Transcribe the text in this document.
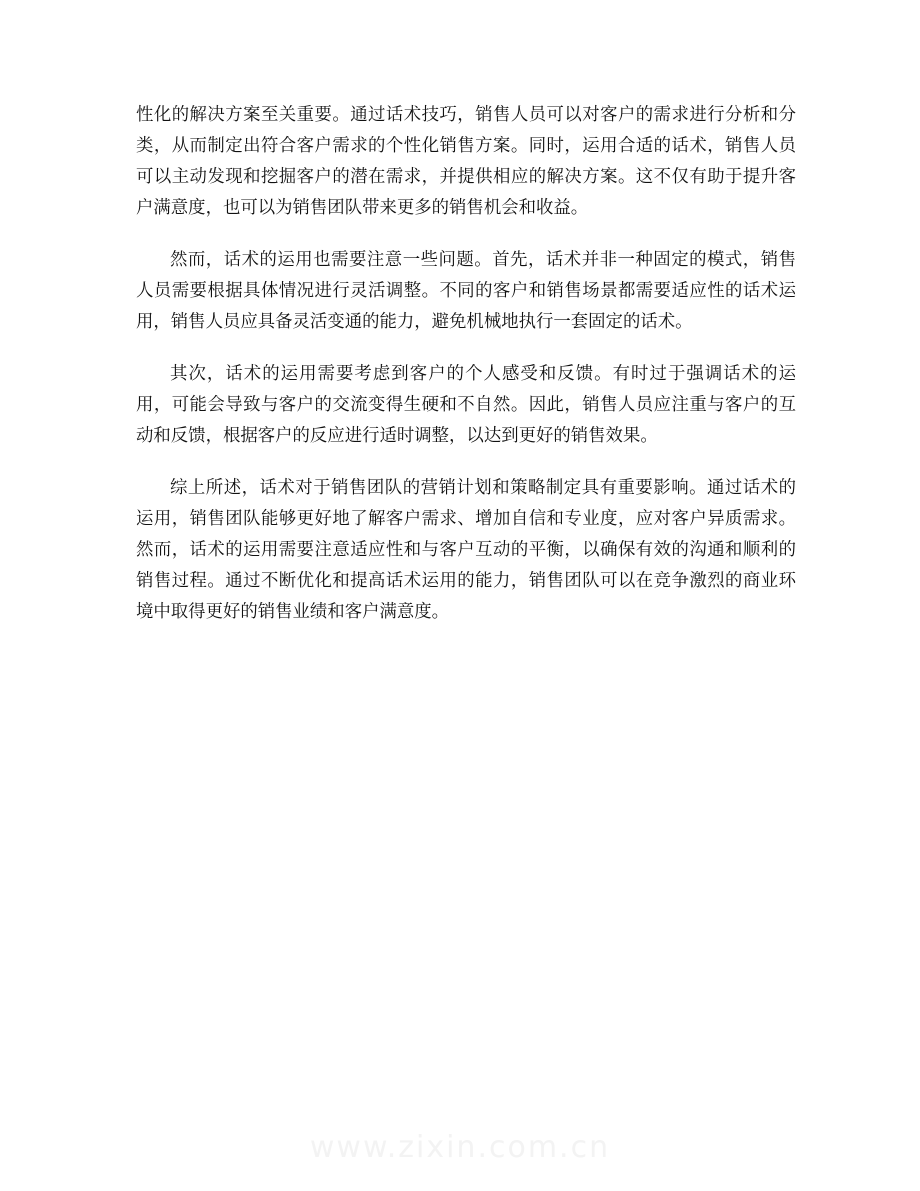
性化的解决方案至关重要。通过话术技巧，销售人员可以对客户的需求进行分析和分类，从而制定出符合客户需求的个性化销售方案。同时，运用合适的话术，销售人员可以主动发现和挖掘客户的潜在需求，并提供相应的解决方案。这不仅有助于提升客户满意度，也可以为销售团队带来更多的销售机会和收益。

然而，话术的运用也需要注意一些问题。首先，话术并非一种固定的模式，销售人员需要根据具体情况进行灵活调整。不同的客户和销售场景都需要适应性的话术运用，销售人员应具备灵活变通的能力，避免机械地执行一套固定的话术。

其次，话术的运用需要考虑到客户的个人感受和反馈。有时过于强调话术的运用，可能会导致与客户的交流变得生硬和不自然。因此，销售人员应注重与客户的互动和反馈，根据客户的反应进行适时调整，以达到更好的销售效果。

综上所述，话术对于销售团队的营销计划和策略制定具有重要影响。通过话术的运用，销售团队能够更好地了解客户需求、增加自信和专业度，应对客户异质需求。然而，话术的运用需要注意适应性和与客户互动的平衡，以确保有效的沟通和顺利的销售过程。通过不断优化和提高话术运用的能力，销售团队可以在竞争激烈的商业环境中取得更好的销售业绩和客户满意度。

www.zixin.com.cn
